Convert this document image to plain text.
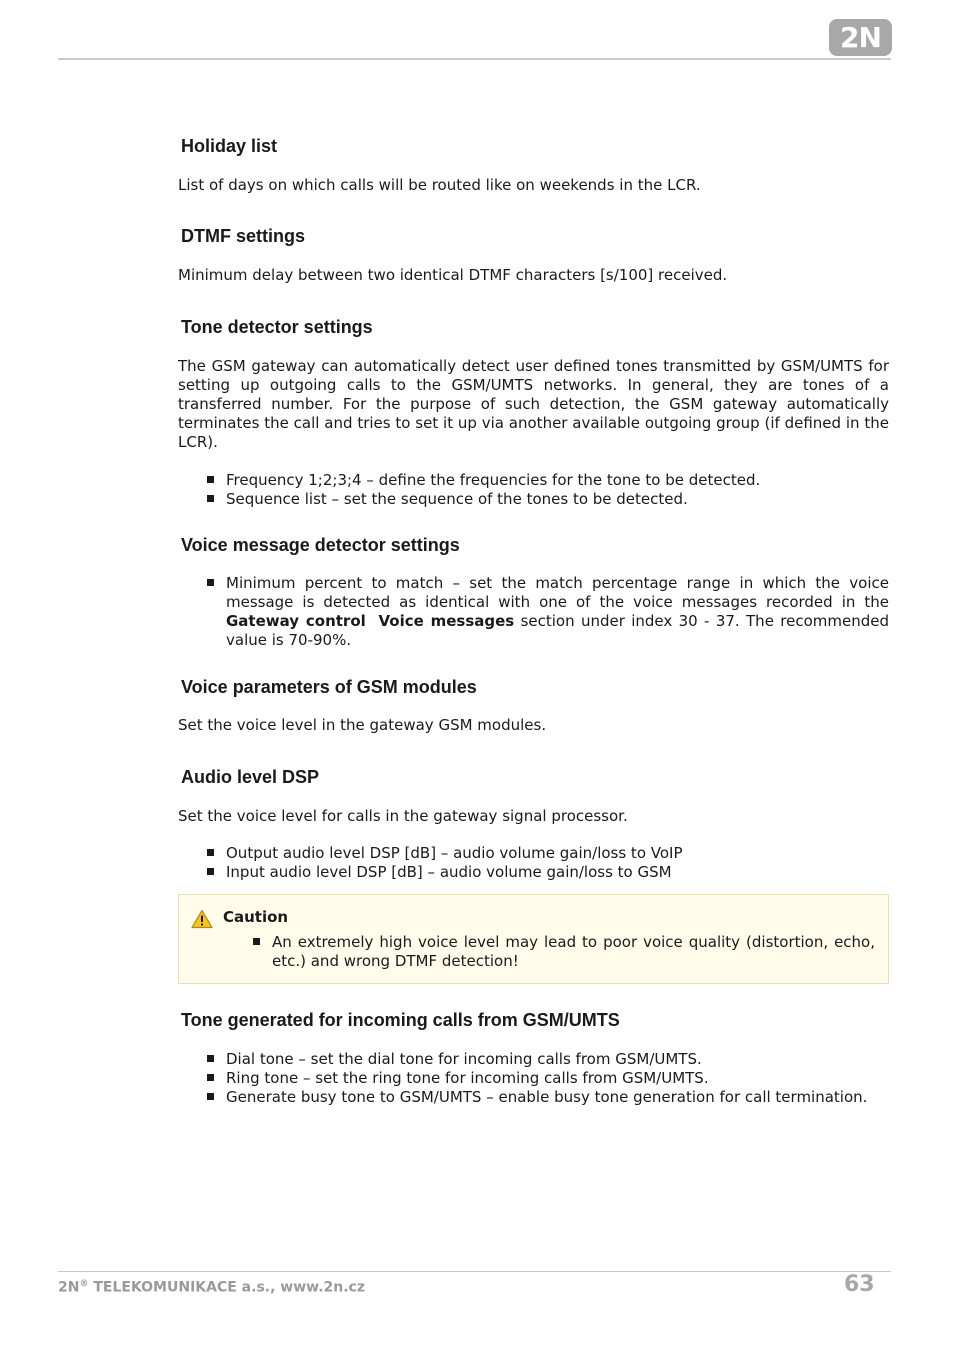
2N
Holiday list

List of days on which calls will be routed like on weekends in the LCR.

DTMF settings

Minimum delay between two identical DTMF characters [s/100] received.

Tone detector settings

The GSM gateway can automatically detect user defined tones transmitted by GSM/UMTS for setting up outgoing calls to the GSM/UMTS networks. In general, they are tones of a transferred number. For the purpose of such detection, the GSM gateway automatically terminates the call and tries to set it up via another available outgoing group (if defined in the LCR).

Frequency 1;2;3;4 – define the frequencies for the tone to be detected.
Sequence list – set the sequence of the tones to be detected.
Voice message detector settings
Minimum percent to match – set the match percentage range in which the voice message is detected as identical with one of the voice messages recorded in the Gateway control Voice messages section under index 30 - 37. The recommended value is 70-90%.
Voice parameters of GSM modules

Set the voice level in the gateway GSM modules.

Audio level DSP

Set the voice level for calls in the gateway signal processor.

Output audio level DSP [dB] – audio volume gain/loss to VoIP
Input audio level DSP [dB] – audio volume gain/loss to GSM
Caution
An extremely high voice level may lead to poor voice quality (distortion, echo, etc.) and wrong DTMF detection!
Tone generated for incoming calls from GSM/UMTS
Dial tone – set the dial tone for incoming calls from GSM/UMTS.
Ring tone – set the ring tone for incoming calls from GSM/UMTS.
Generate busy tone to GSM/UMTS – enable busy tone generation for call termination.
2N® TELEKOMUNIKACE a.s., www.2n.cz	63
